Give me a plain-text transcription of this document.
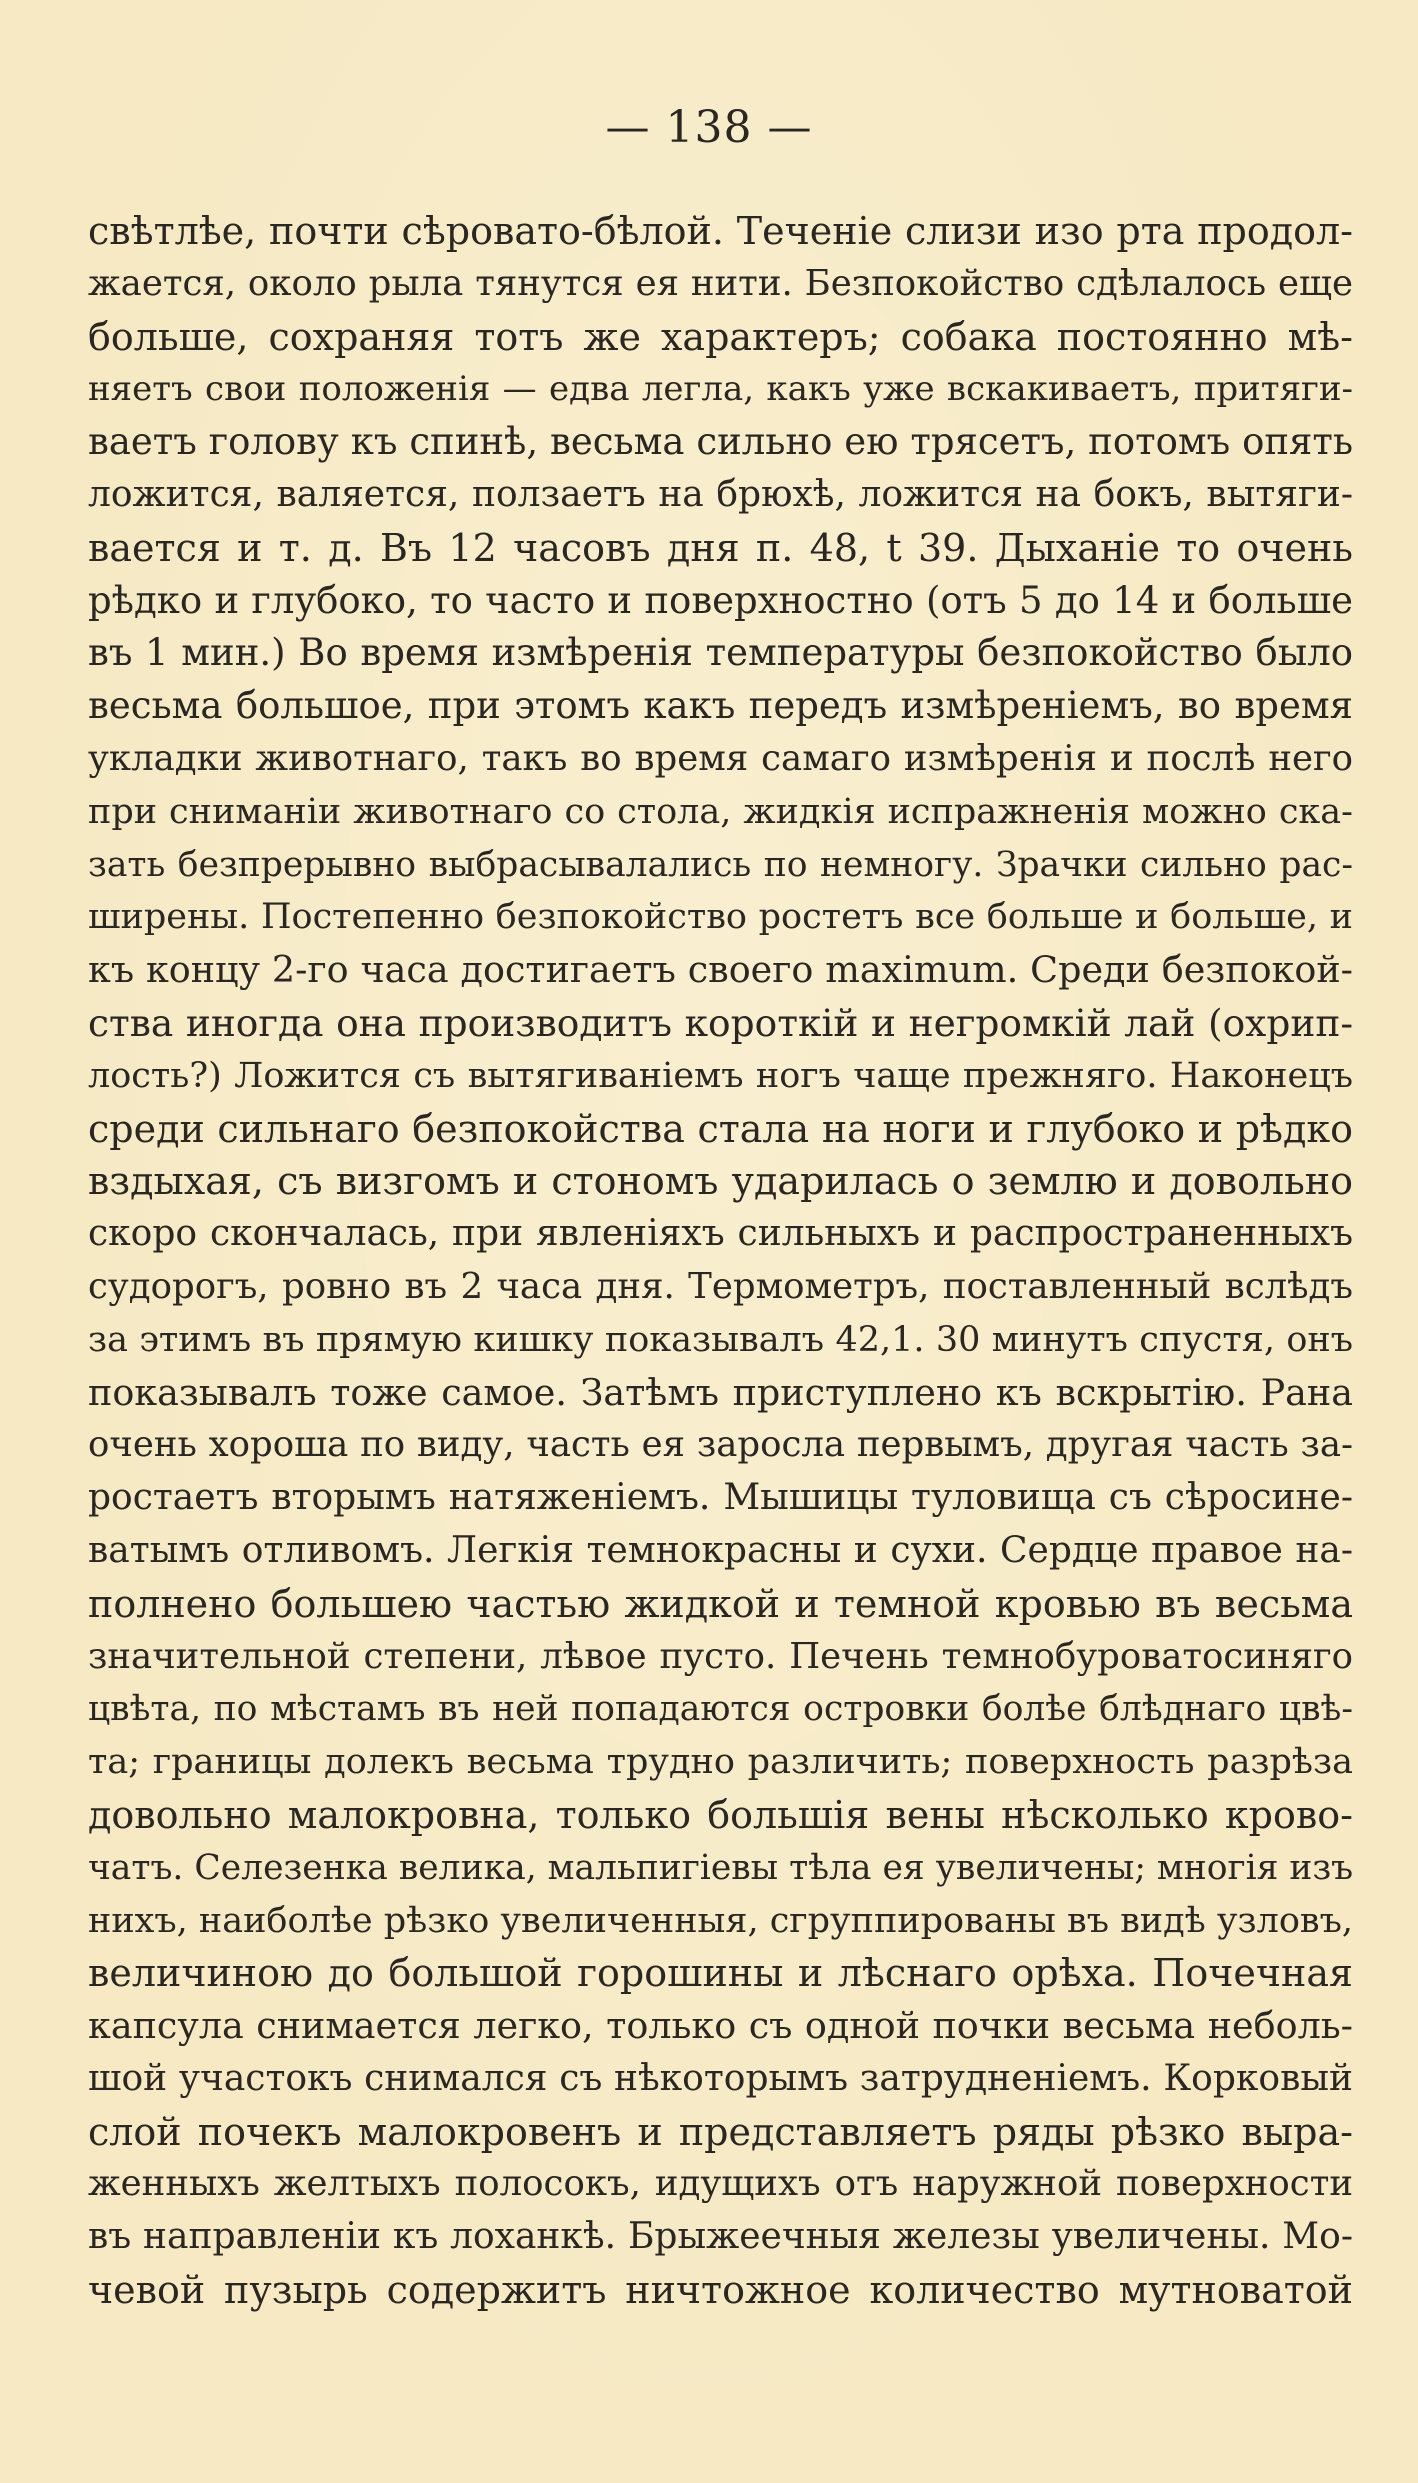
— 138 —
свѣтлѣе, почти сѣровато-бѣлой. Теченіе слизи изо рта продол-
жается, около рыла тянутся ея нити. Безпокойство сдѣлалось еще
больше, сохраняя тотъ же характеръ; собака постоянно мѣ-
няетъ свои положенія — едва легла, какъ уже вскакиваетъ, притяги-
ваетъ голову къ спинѣ, весьма сильно ею трясетъ, потомъ опять
ложится, валяется, ползаетъ на брюхѣ, ложится на бокъ, вытяги-
вается и т. д. Въ 12 часовъ дня п. 48, t 39. Дыханіе то очень
рѣдко и глубоко, то часто и поверхностно (отъ 5 до 14 и больше
въ 1 мин.) Во время измѣренія температуры безпокойство было
весьма большое, при этомъ какъ передъ измѣреніемъ, во время
укладки животнаго, такъ во время самаго измѣренія и послѣ него
при сниманіи животнаго со стола, жидкія испражненія можно ска-
зать безпрерывно выбрасывалались по немногу. Зрачки сильно рас-
ширены. Постепенно безпокойство ростетъ все больше и больше, и
къ концу 2-го часа достигаетъ своего maximum. Среди безпокой-
ства иногда она производитъ короткій и негромкій лай (охрип-
лость?) Ложится съ вытягиваніемъ ногъ чаще прежняго. Наконецъ
среди сильнаго безпокойства стала на ноги и глубоко и рѣдко
вздыхая, съ визгомъ и стономъ ударилась о землю и довольно
скоро скончалась, при явленіяхъ сильныхъ и распространенныхъ
судорогъ, ровно въ 2 часа дня. Термометръ, поставленный вслѣдъ
за этимъ въ прямую кишку показывалъ 42,1. 30 минутъ спустя, онъ
показывалъ тоже самое. Затѣмъ приступлено къ вскрытію. Рана
очень хороша по виду, часть ея заросла первымъ, другая часть за-
ростаетъ вторымъ натяженіемъ. Мышицы туловища съ сѣросине-
ватымъ отливомъ. Легкія темнокрасны и сухи. Сердце правое на-
полнено большею частью жидкой и темной кровью въ весьма
значительной степени, лѣвое пусто. Печень темнобуроватосиняго
цвѣта, по мѣстамъ въ ней попадаются островки болѣе блѣднаго цвѣ-
та; границы долекъ весьма трудно различить; поверхность разрѣза
довольно малокровна, только большія вены нѣсколько крово-
чатъ. Селезенка велика, мальпигіевы тѣла ея увеличены; многія изъ
нихъ, наиболѣе рѣзко увеличенныя, сгруппированы въ видѣ узловъ,
величиною до большой горошины и лѣснаго орѣха. Почечная
капсула снимается легко, только съ одной почки весьма неболь-
шой участокъ снимался съ нѣкоторымъ затрудненіемъ. Корковый
слой почекъ малокровенъ и представляетъ ряды рѣзко выра-
женныхъ желтыхъ полосокъ, идущихъ отъ наружной поверхности
въ направленіи къ лоханкѣ. Брыжеечныя железы увеличены. Мо-
чевой пузырь содержитъ ничтожное количество мутноватой
